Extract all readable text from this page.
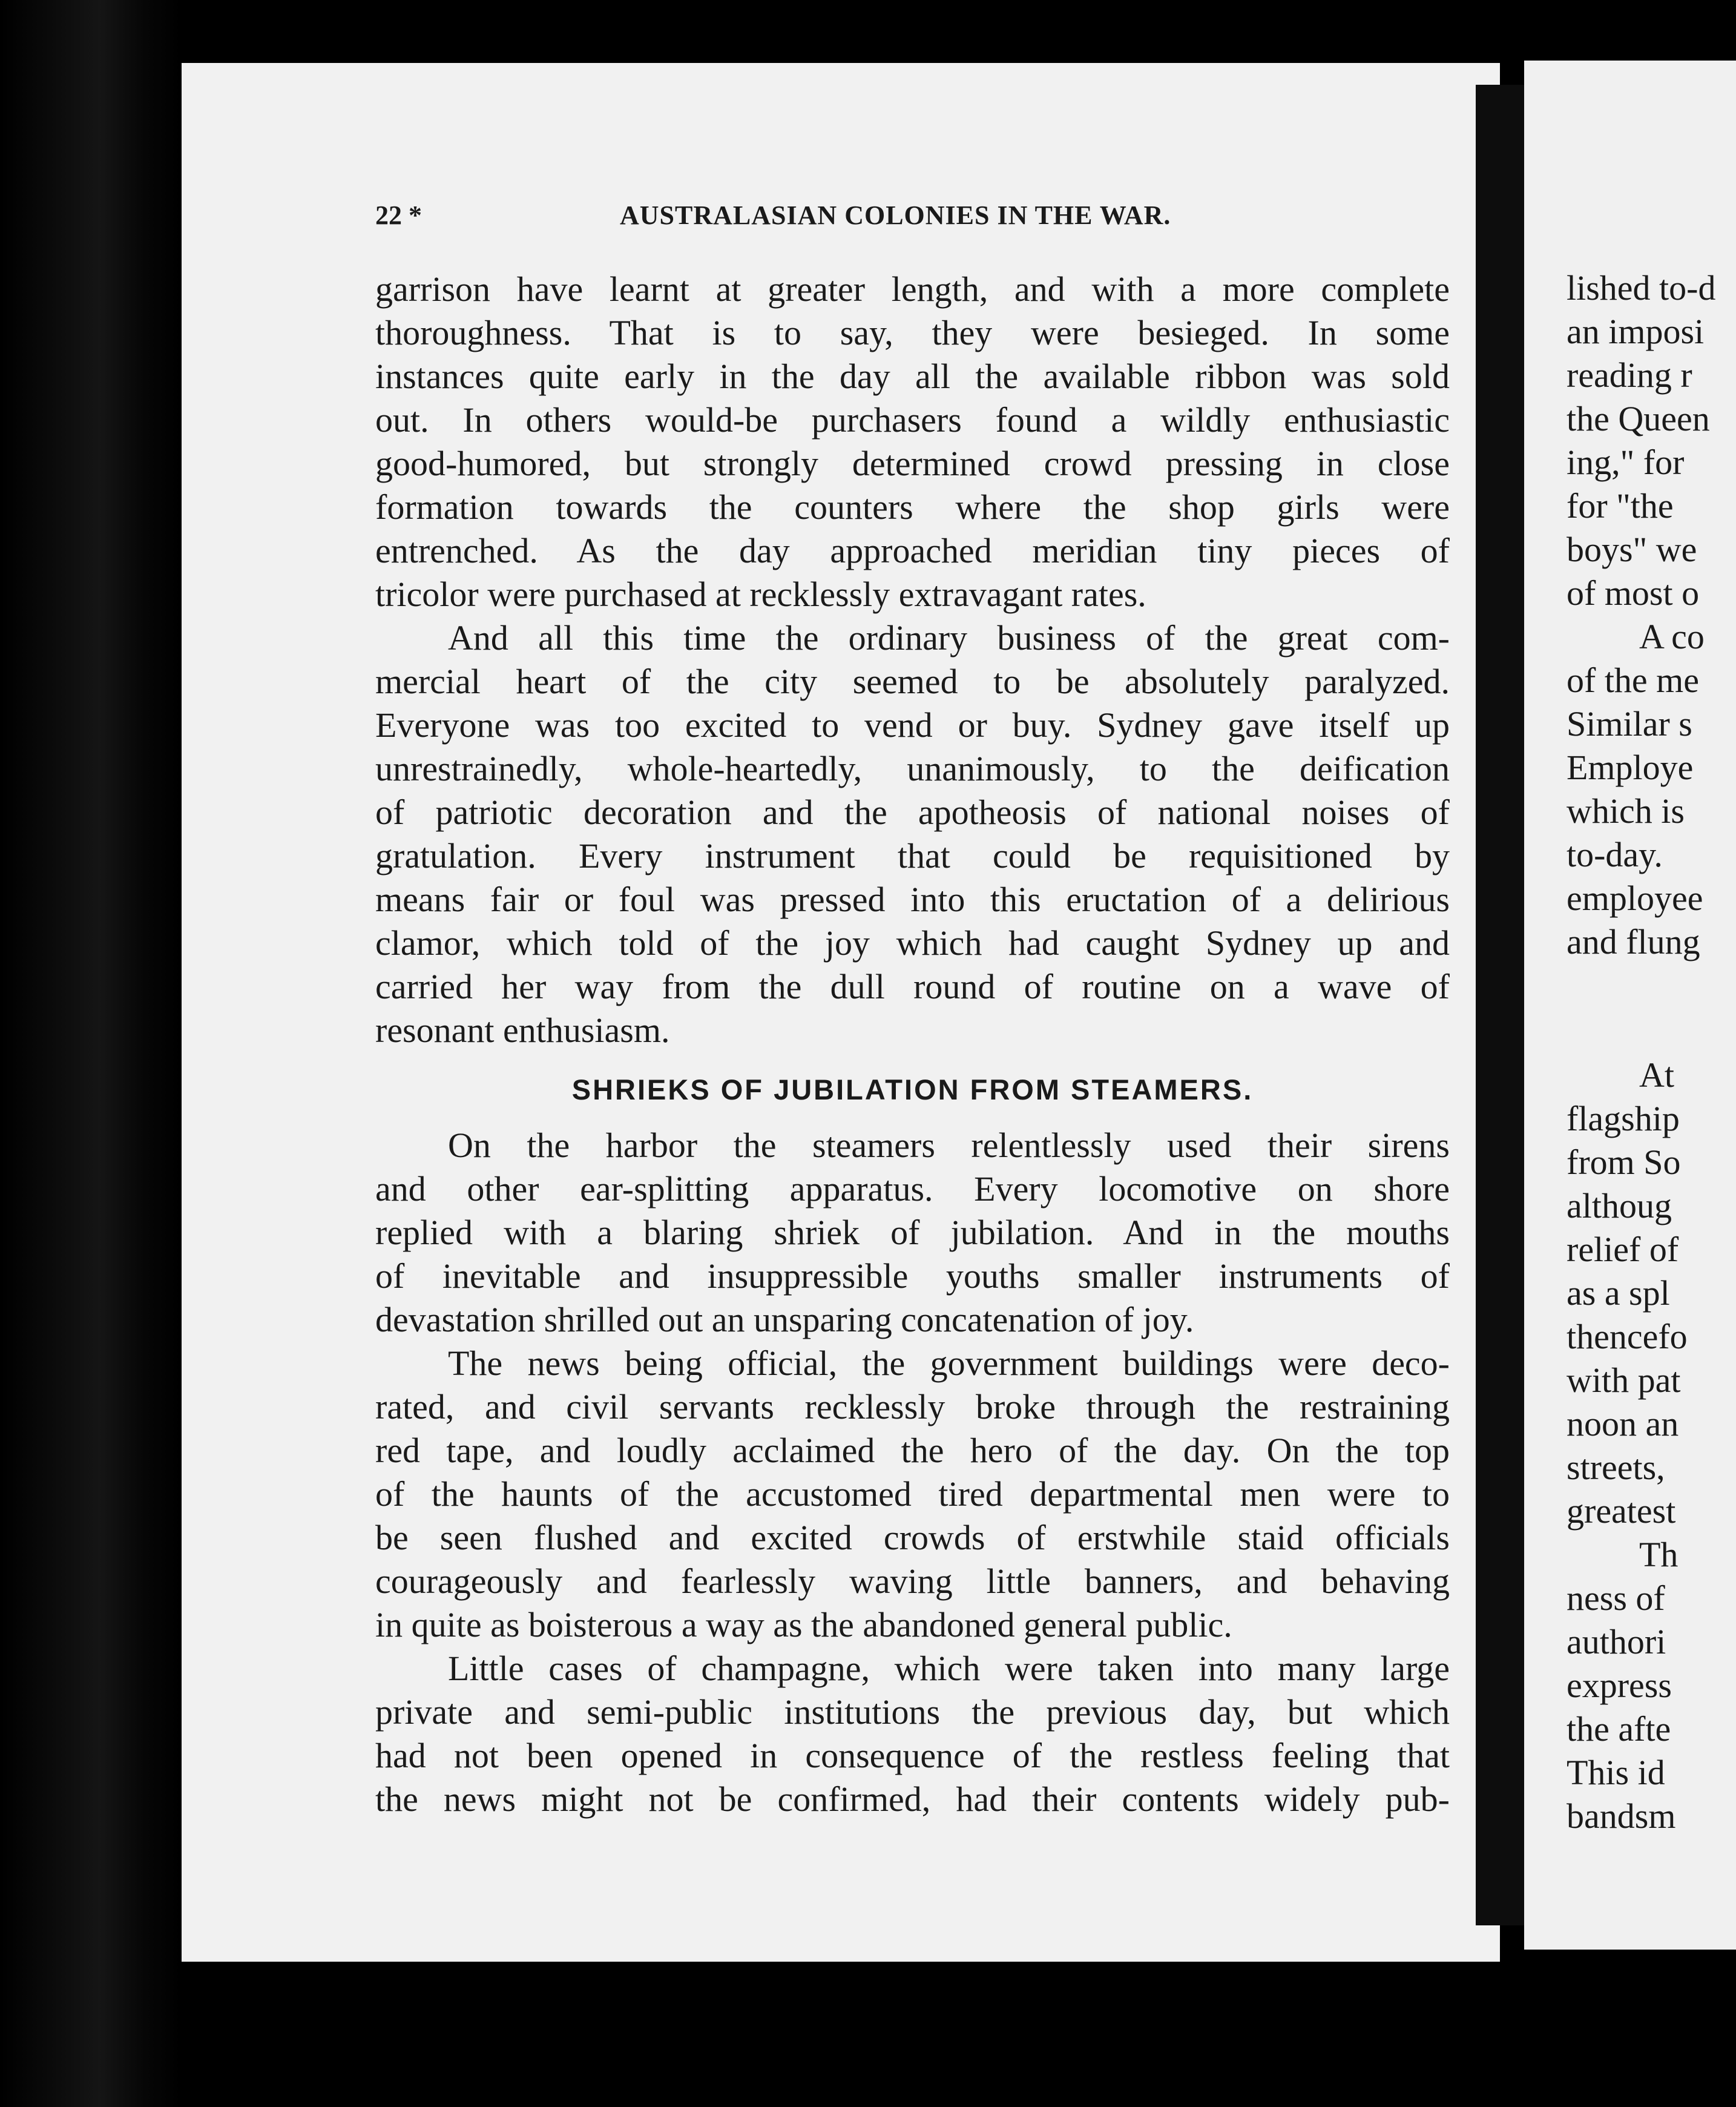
lished to-d
an imposi
reading r
the Queen
ing," for
for "the
boys" we
of most o
A co
of the me
Similar s
Employe
which is
to-day.
employee
and flung
At
flagship
from So
althoug
relief of
as a spl
thencefo
with pat
noon an
streets,
greatest
Th
ness of
authori
express
the afte
This id
bandsm
22 *	AUSTRALASIAN COLONIES IN THE WAR.
garrison have learnt at greater length, and with a more complete
thoroughness. That is to say, they were besieged. In some
instances quite early in the day all the available ribbon was sold
out. In others would-be purchasers found a wildly enthusiastic
good-humored, but strongly determined crowd pressing in close
formation towards the counters where the shop girls were
entrenched. As the day approached meridian tiny pieces of
tricolor were purchased at recklessly extravagant rates.
And all this time the ordinary business of the great com-
mercial heart of the city seemed to be absolutely paralyzed.
Everyone was too excited to vend or buy. Sydney gave itself up
unrestrainedly, whole-heartedly, unanimously, to the deification
of patriotic decoration and the apotheosis of national noises of
gratulation. Every instrument that could be requisitioned by
means fair or foul was pressed into this eructation of a delirious
clamor, which told of the joy which had caught Sydney up and
carried her way from the dull round of routine on a wave of
resonant enthusiasm.
SHRIEKS OF JUBILATION FROM STEAMERS.
On the harbor the steamers relentlessly used their sirens
and other ear-splitting apparatus. Every locomotive on shore
replied with a blaring shriek of jubilation. And in the mouths
of inevitable and insuppressible youths smaller instruments of
devastation shrilled out an unsparing concatenation of joy.
The news being official, the government buildings were deco-
rated, and civil servants recklessly broke through the restraining
red tape, and loudly acclaimed the hero of the day. On the top
of the haunts of the accustomed tired departmental men were to
be seen flushed and excited crowds of erstwhile staid officials
courageously and fearlessly waving little banners, and behaving
in quite as boisterous a way as the abandoned general public.
Little cases of champagne, which were taken into many large
private and semi-public institutions the previous day, but which
had not been opened in consequence of the restless feeling that
the news might not be confirmed, had their contents widely pub-
